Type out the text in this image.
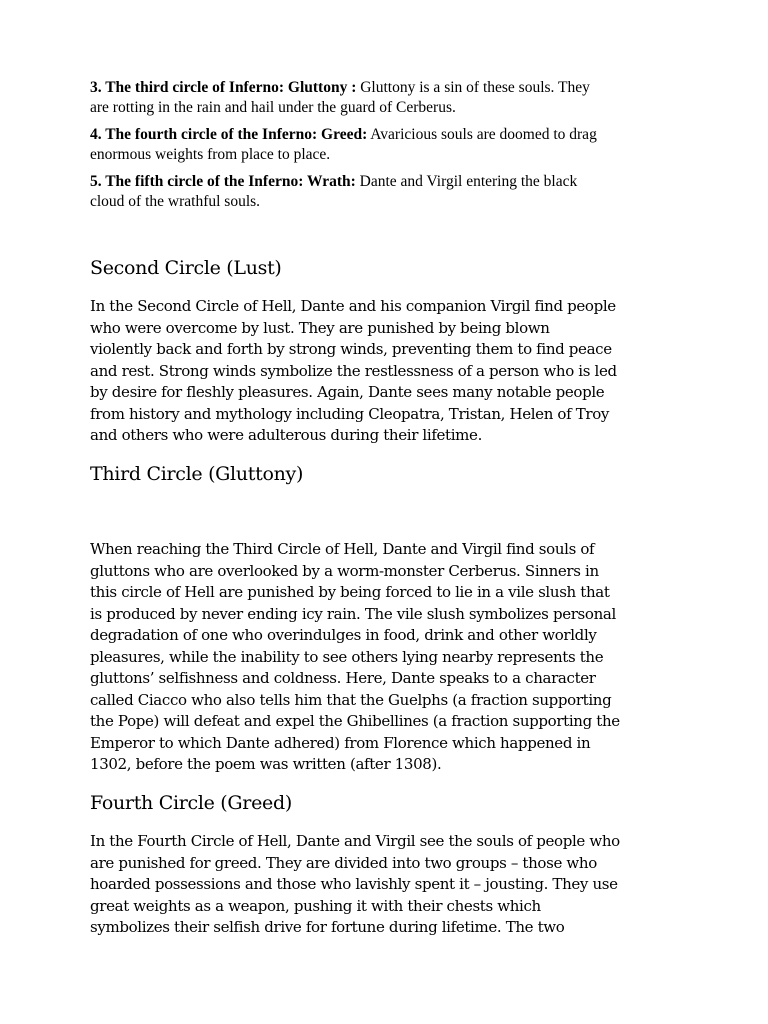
3. The third circle of Inferno: Gluttony : Gluttony is a sin of these souls. They
are rotting in the rain and hail under the guard of Cerberus.

4. The fourth circle of the Inferno: Greed: Avaricious souls are doomed to drag
enormous weights from place to place.

5. The fifth circle of the Inferno: Wrath: Dante and Virgil entering the black
cloud of the wrathful souls.

Second Circle (Lust)
In the Second Circle of Hell, Dante and his companion Virgil find people
who were overcome by lust. They are punished by being blown
violently back and forth by strong winds, preventing them to find peace
and rest. Strong winds symbolize the restlessness of a person who is led
by desire for fleshly pleasures. Again, Dante sees many notable people
from history and mythology including Cleopatra, Tristan, Helen of Troy
and others who were adulterous during their lifetime.
Third Circle (Gluttony)
When reaching the Third Circle of Hell, Dante and Virgil find souls of
gluttons who are overlooked by a worm-monster Cerberus. Sinners in
this circle of Hell are punished by being forced to lie in a vile slush that
is produced by never ending icy rain. The vile slush symbolizes personal
degradation of one who overindulges in food, drink and other worldly
pleasures, while the inability to see others lying nearby represents the
gluttons’ selfishness and coldness. Here, Dante speaks to a character
called Ciacco who also tells him that the Guelphs (a fraction supporting
the Pope) will defeat and expel the Ghibellines (a fraction supporting the
Emperor to which Dante adhered) from Florence which happened in
1302, before the poem was written (after 1308).
Fourth Circle (Greed)
In the Fourth Circle of Hell, Dante and Virgil see the souls of people who
are punished for greed. They are divided into two groups – those who
hoarded possessions and those who lavishly spent it – jousting. They use
great weights as a weapon, pushing it with their chests which
symbolizes their selfish drive for fortune during lifetime. The two
